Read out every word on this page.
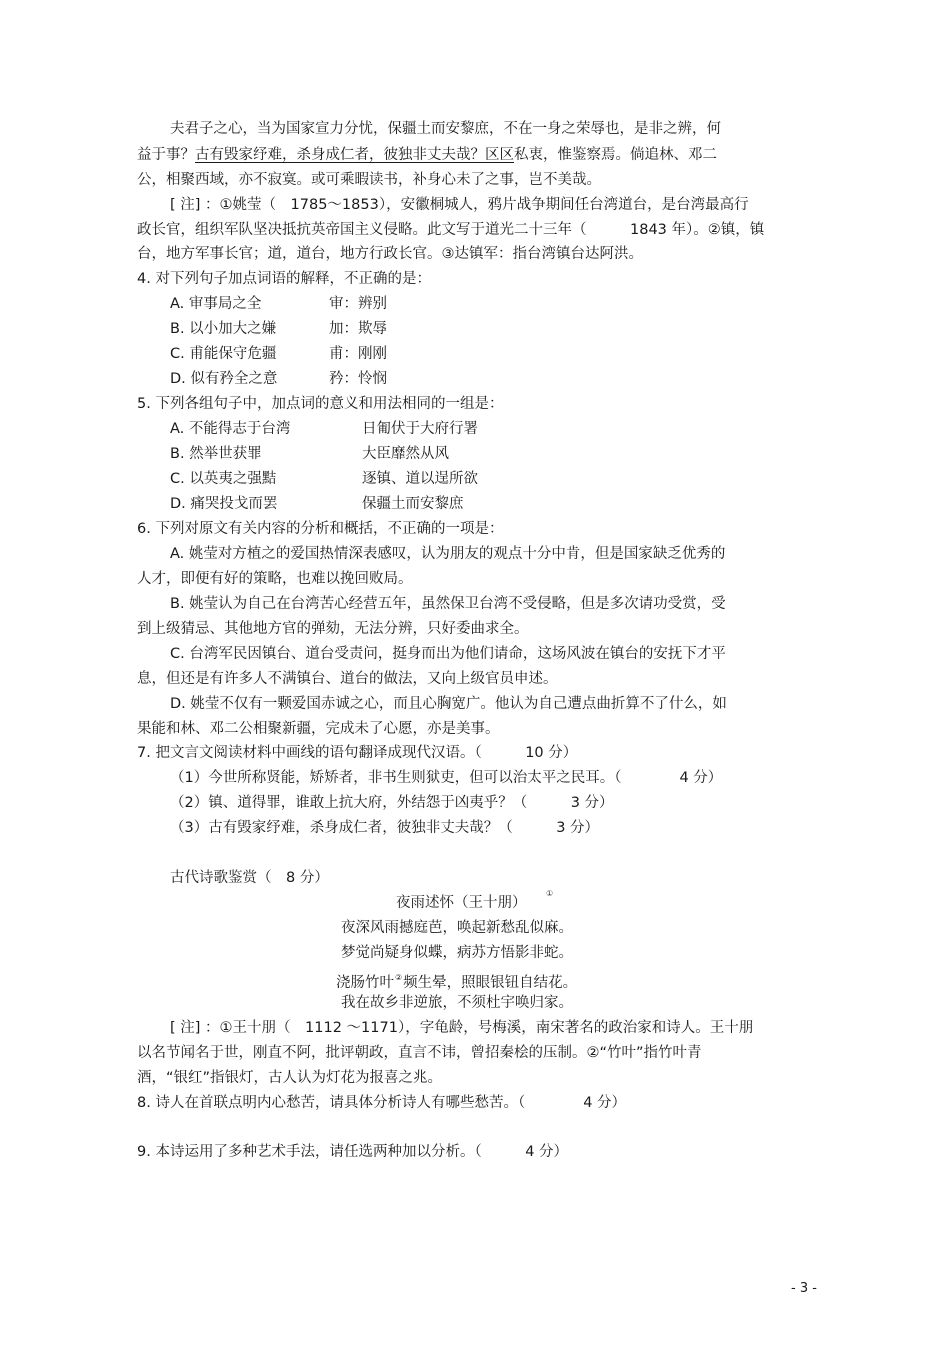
夫君子之心，当为国家宣力分忧，保疆土而安黎庶，不在一身之荣辱也，是非之辨，何
益于事？古有毁家纾难，杀身成仁者，彼独非丈夫哉？区区私衷，惟鉴察焉。倘追林、邓二
公，相聚西域，亦不寂寞。或可乘暇读书，补身心未了之事，岂不美哉。
[ 注] ：①姚莹（　1785～1853），安徽桐城人，鸦片战争期间任台湾道台，是台湾最高行
政长官，组织军队坚决抵抗英帝国主义侵略。此文写于道光二十三年（　　　1843 年）。②镇，镇
台，地方军事长官；道，道台，地方行政长官。③达镇军：指台湾镇台达阿洪。
4. 对下列句子加点词语的解释，不正确的是：
A. 审事局之全	审：辨别
B. 以小加大之嫌	加：欺辱
C. 甫能保守危疆	甫：刚刚
D. 似有矜全之意	矜：怜悯
5. 下列各组句子中，加点词的意义和用法相同的一组是：
A. 不能得志于台湾	日匍伏于大府行署
B. 然举世获罪	大臣靡然从风
C. 以英夷之强黠	逐镇、道以逞所欲
D. 痛哭投戈而罢	保疆土而安黎庶
6. 下列对原文有关内容的分析和概括，不正确的一项是：
A. 姚莹对方植之的爱国热情深表感叹，认为朋友的观点十分中肯，但是国家缺乏优秀的
人才，即便有好的策略，也难以挽回败局。
B. 姚莹认为自己在台湾苦心经营五年，虽然保卫台湾不受侵略，但是多次请功受赏，受
到上级猜忌、其他地方官的弹劾，无法分辨，只好委曲求全。
C. 台湾军民因镇台、道台受责问，挺身而出为他们请命，这场风波在镇台的安抚下才平
息，但还是有许多人不满镇台、道台的做法，又向上级官员申述。
D. 姚莹不仅有一颗爱国赤诚之心，而且心胸宽广。他认为自己遭点曲折算不了什么，如
果能和林、邓二公相聚新疆，完成未了心愿，亦是美事。
7. 把文言文阅读材料中画线的语句翻译成现代汉语。（　　　10 分）
（1）今世所称贤能，矫矫者，非书生则狱吏，但可以治太平之民耳。（　　　　4 分）
（2）镇、道得罪，谁敢上抗大府，外结怨于凶夷乎？（　　　3 分）
（3）古有毁家纾难，杀身成仁者，彼独非丈夫哉？（　　　3 分）
古代诗歌鉴赏（　8 分）
夜雨述怀（王十朋）
①
夜深风雨撼庭芭，唤起新愁乱似麻。
梦觉尚疑身似蝶，病苏方悟影非蛇。
浇肠竹叶②频生晕，照眼银钮自结花。
我在故乡非逆旅，不须杜宇唤归家。
[ 注] ：①王十朋（　1112 ～1171），字龟龄，号梅溪，南宋著名的政治家和诗人。王十朋
以名节闻名于世，刚直不阿，批评朝政，直言不讳，曾招秦桧的压制。②“竹叶”指竹叶青
酒，“银红”指银灯，古人认为灯花为报喜之兆。
8. 诗人在首联点明内心愁苦，请具体分析诗人有哪些愁苦。（　　　　4 分）
9. 本诗运用了多种艺术手法，请任选两种加以分析。（　　　4 分）
- 3 -
